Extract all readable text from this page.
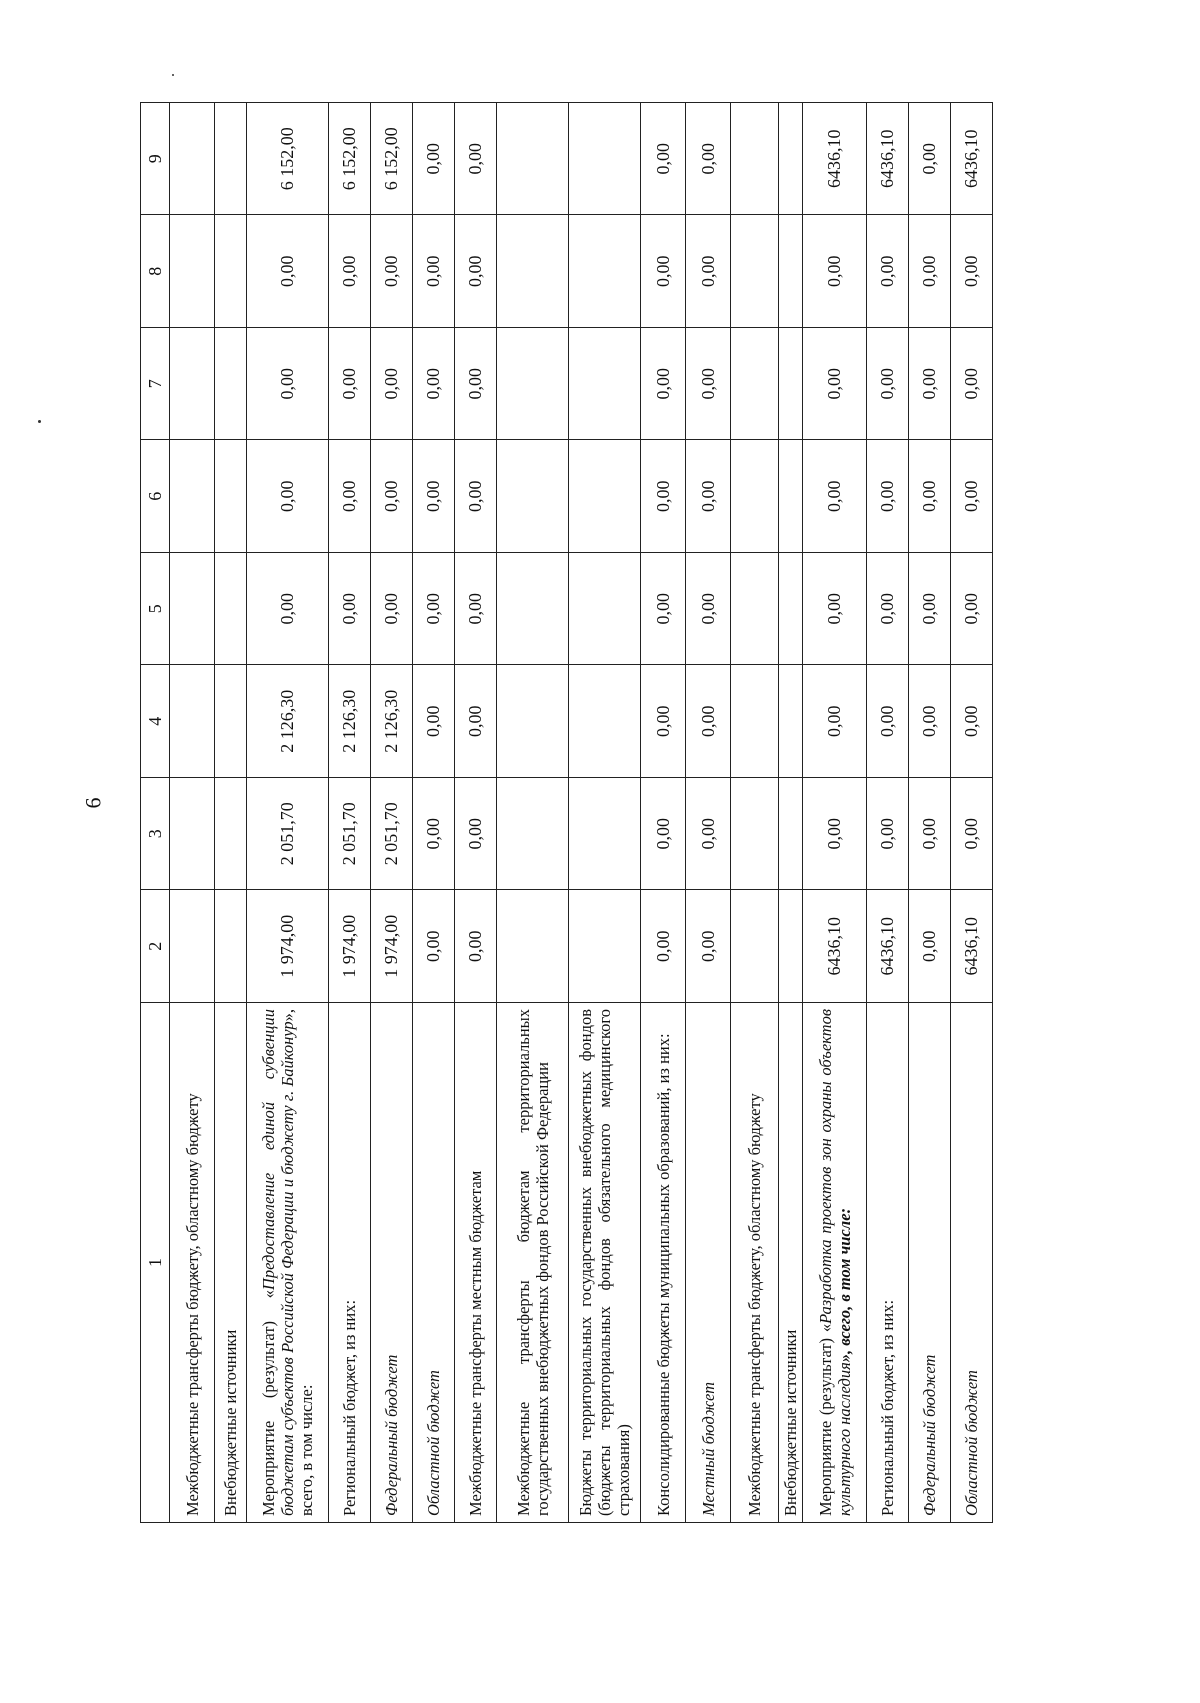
6
1	2	3	4	5	6	7	8	9
Межбюджетные трансферты бюджету, областному бюджету								
Внебюджетные источники								
Мероприятие (результат) «Предоставление единой субвенции бюджетам субъектов Российской Федерации и бюджету г. Байконур», всего, в том числе:	1 974,00	2 051,70	2 126,30	0,00	0,00	0,00	0,00	6 152,00
Региональный бюджет, из них:	1 974,00	2 051,70	2 126,30	0,00	0,00	0,00	0,00	6 152,00
Федеральный бюджет	1 974,00	2 051,70	2 126,30	0,00	0,00	0,00	0,00	6 152,00
Областной бюджет	0,00	0,00	0,00	0,00	0,00	0,00	0,00	0,00
Межбюджетные трансферты местным бюджетам	0,00	0,00	0,00	0,00	0,00	0,00	0,00	0,00
Межбюджетные трансферты бюджетам территориальных государственных внебюджетных фондов Российской Федерации								
Бюджеты территориальных государственных внебюджетных фондов (бюджеты территориальных фондов обязательного медицинского страхования)								
Консолидированные бюджеты муниципальных образований, из них:	0,00	0,00	0,00	0,00	0,00	0,00	0,00	0,00
Местный бюджет	0,00	0,00	0,00	0,00	0,00	0,00	0,00	0,00
Межбюджетные трансферты бюджету, областному бюджету								
Внебюджетные источники								
Мероприятие (результат) «Разработка проектов зон охраны объектов культурного наследия», всего, в том числе:	6436,10	0,00	0,00	0,00	0,00	0,00	0,00	6436,10
Региональный бюджет, из них:	6436,10	0,00	0,00	0,00	0,00	0,00	0,00	6436,10
Федеральный бюджет	0,00	0,00	0,00	0,00	0,00	0,00	0,00	0,00
Областной бюджет	6436,10	0,00	0,00	0,00	0,00	0,00	0,00	6436,10
